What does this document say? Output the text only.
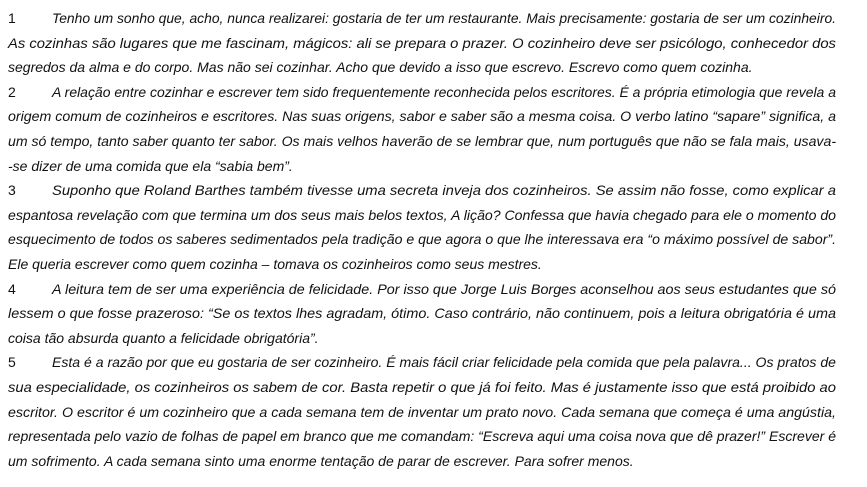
1	Tenho um sonho que, acho, nunca realizarei: gostaria de ter um restaurante. Mais precisamente: gostaria de ser um cozinheiro.
As cozinhas são lugares que me fascinam, mágicos: ali se prepara o prazer. O cozinheiro deve ser psicólogo, conhecedor dos
segredos da alma e do corpo. Mas não sei cozinhar. Acho que devido a isso que escrevo. Escrevo como quem cozinha.
2	A relação entre cozinhar e escrever tem sido frequentemente reconhecida pelos escritores. É a própria etimologia que revela a
origem comum de cozinheiros e escritores. Nas suas origens, sabor e saber são a mesma coisa. O verbo latino “sapare” significa, a
um só tempo, tanto saber quanto ter sabor. Os mais velhos haverão de se lembrar que, num português que não se fala mais, usava-
-se dizer de uma comida que ela “sabia bem”.
3	Suponho que Roland Barthes também tivesse uma secreta inveja dos cozinheiros. Se assim não fosse, como explicar a
espantosa revelação com que termina um dos seus mais belos textos, A lição? Confessa que havia chegado para ele o momento do
esquecimento de todos os saberes sedimentados pela tradição e que agora o que lhe interessava era “o máximo possível de sabor”.
Ele queria escrever como quem cozinha – tomava os cozinheiros como seus mestres.
4	A leitura tem de ser uma experiência de felicidade. Por isso que Jorge Luis Borges aconselhou aos seus estudantes que só
lessem o que fosse prazeroso: “Se os textos lhes agradam, ótimo. Caso contrário, não continuem, pois a leitura obrigatória é uma
coisa tão absurda quanto a felicidade obrigatória”.
5	Esta é a razão por que eu gostaria de ser cozinheiro. É mais fácil criar felicidade pela comida que pela palavra... Os pratos de
sua especialidade, os cozinheiros os sabem de cor. Basta repetir o que já foi feito. Mas é justamente isso que está proibido ao
escritor. O escritor é um cozinheiro que a cada semana tem de inventar um prato novo. Cada semana que começa é uma angústia,
representada pelo vazio de folhas de papel em branco que me comandam: “Escreva aqui uma coisa nova que dê prazer!” Escrever é
um sofrimento. A cada semana sinto uma enorme tentação de parar de escrever. Para sofrer menos.
